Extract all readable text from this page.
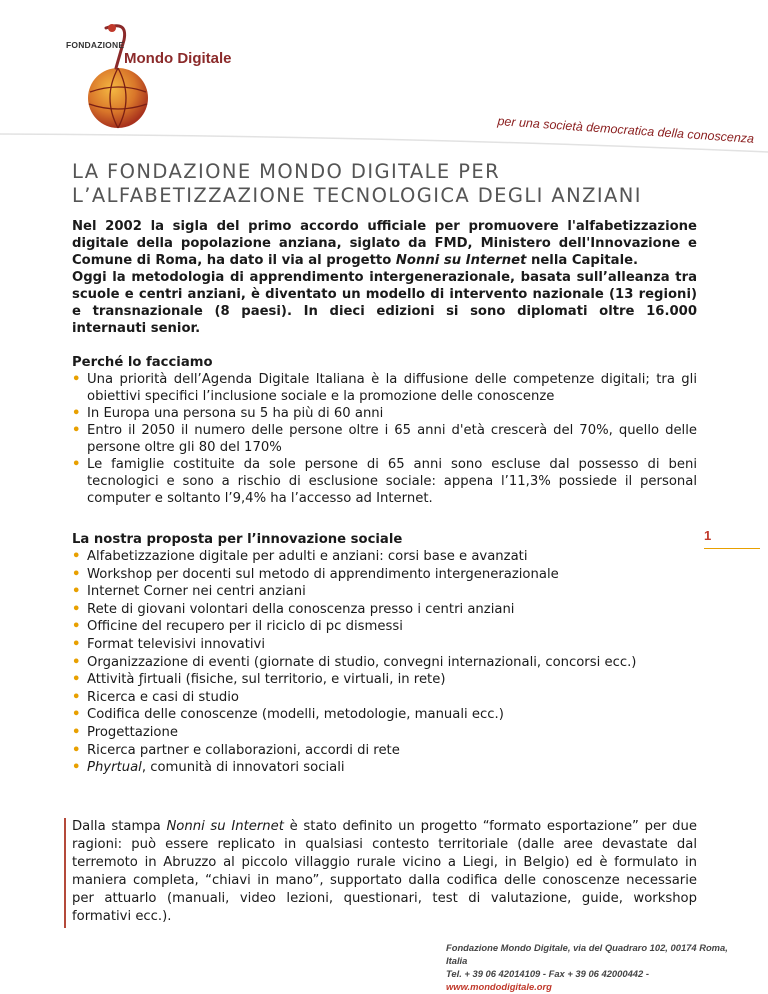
FONDAZIONE
Mondo Digitale
per una società democratica della conoscenza
LA FONDAZIONE MONDO DIGITALE PER
L’ALFABETIZZAZIONE TECNOLOGICA DEGLI ANZIANI

Nel 2002 la sigla del primo accordo ufficiale per promuovere l'alfabetizzazione digitale della popolazione anziana, siglato da FMD, Ministero dell'Innovazione e Comune di Roma, ha dato il via al progetto Nonni su Internet nella Capitale.
Oggi la metodologia di apprendimento intergenerazionale, basata sull’alleanza tra scuole e centri anziani, è diventato un modello di intervento nazionale (13 regioni) e transnazionale (8 paesi). In dieci edizioni si sono diplomati oltre 16.000 internauti senior.

Perché lo facciamo

• Una priorità dell’Agenda Digitale Italiana è la diffusione delle competenze digitali; tra gli obiettivi specifici l’inclusione sociale e la promozione delle conoscenze
• In Europa una persona su 5 ha più di 60 anni
• Entro il 2050 il numero delle persone oltre i 65 anni d'età crescerà del 70%, quello delle persone oltre gli 80 del 170%
• Le famiglie costituite da sole persone di 65 anni sono escluse dal possesso di beni tecnologici e sono a rischio di esclusione sociale: appena l’11,3% possiede il personal computer e soltanto l’9,4% ha l’accesso ad Internet.
1

La nostra proposta per l’innovazione sociale

• Alfabetizzazione digitale per adulti e anziani: corsi base e avanzati
• Workshop per docenti sul metodo di apprendimento intergenerazionale
• Internet Corner nei centri anziani
• Rete di giovani volontari della conoscenza presso i centri anziani
• Officine del recupero per il riciclo di pc dismessi
• Format televisivi innovativi
• Organizzazione di eventi (giornate di studio, convegni internazionali, concorsi ecc.)
• Attività ƒirtuali (fisiche, sul territorio, e virtuali, in rete)
• Ricerca e casi di studio
• Codifica delle conoscenze (modelli, metodologie, manuali ecc.)
• Progettazione
• Ricerca partner e collaborazioni, accordi di rete
• Phyrtual, comunità di innovatori sociali

Dalla stampa Nonni su Internet è stato definito un progetto “formato esportazione” per due ragioni: può essere replicato in qualsiasi contesto territoriale (dalle aree devastate dal terremoto in Abruzzo al piccolo villaggio rurale vicino a Liegi, in Belgio) ed è formulato in maniera completa, “chiavi in mano”, supportato dalla codifica delle conoscenze necessarie per attuarlo (manuali, video lezioni, questionari, test di valutazione, guide, workshop formativi ecc.).

Fondazione Mondo Digitale, via del Quadraro 102, 00174 Roma, Italia
Tel. + 39 06 42014109 - Fax + 39 06 42000442 - www.mondodigitale.org
